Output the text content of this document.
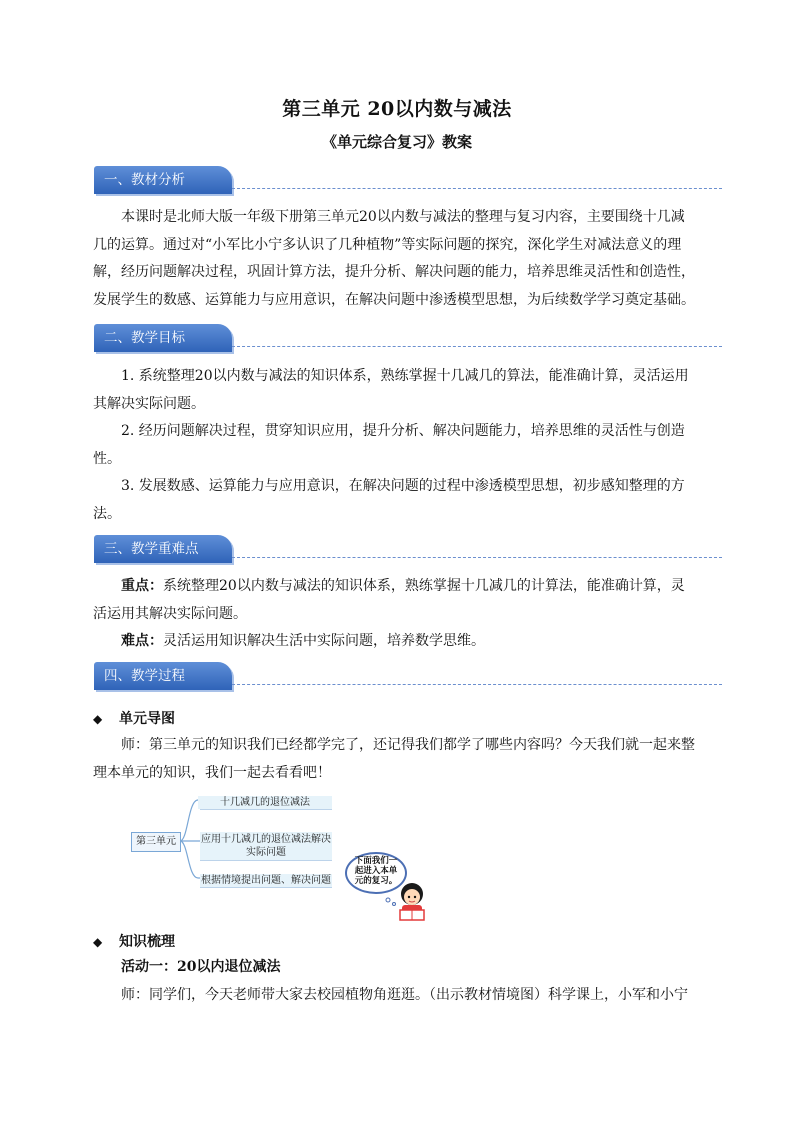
第三单元 20以内数与减法
《单元综合复习》教案
一、教材分析
本课时是北师大版一年级下册第三单元20以内数与减法的整理与复习内容，主要围绕十几减
几的运算。通过对“小军比小宁多认识了几种植物”等实际问题的探究，深化学生对减法意义的理
解，经历问题解决过程，巩固计算方法，提升分析、解决问题的能力，培养思维灵活性和创造性，
发展学生的数感、运算能力与应用意识，在解决问题中渗透模型思想，为后续数学学习奠定基础。
二、教学目标
1. 系统整理20以内数与减法的知识体系，熟练掌握十几减几的算法，能准确计算，灵活运用
其解决实际问题。
2. 经历问题解决过程，贯穿知识应用，提升分析、解决问题能力，培养思维的灵活性与创造
性。
3. 发展数感、运算能力与应用意识，在解决问题的过程中渗透模型思想，初步感知整理的方
法。
三、教学重难点
重点：系统整理20以内数与减法的知识体系，熟练掌握十几减几的计算法，能准确计算，灵
活运用其解决实际问题。
难点：灵活运用知识解决生活中实际问题，培养数学思维。
四、教学过程
◆ 单元导图
师：第三单元的知识我们已经都学完了，还记得我们都学了哪些内容吗？今天我们就一起来整
理本单元的知识，我们一起去看看吧！
第三单元
十几减几的退位减法
应用十几减几的退位减法解决
实际问题
根据情境提出问题、解决问题
下面我们一
起进入本单
元的复习。
◆ 知识梳理
活动一：20以内退位减法
师：同学们，今天老师带大家去校园植物角逛逛。（出示教材情境图）科学课上，小军和小宁
